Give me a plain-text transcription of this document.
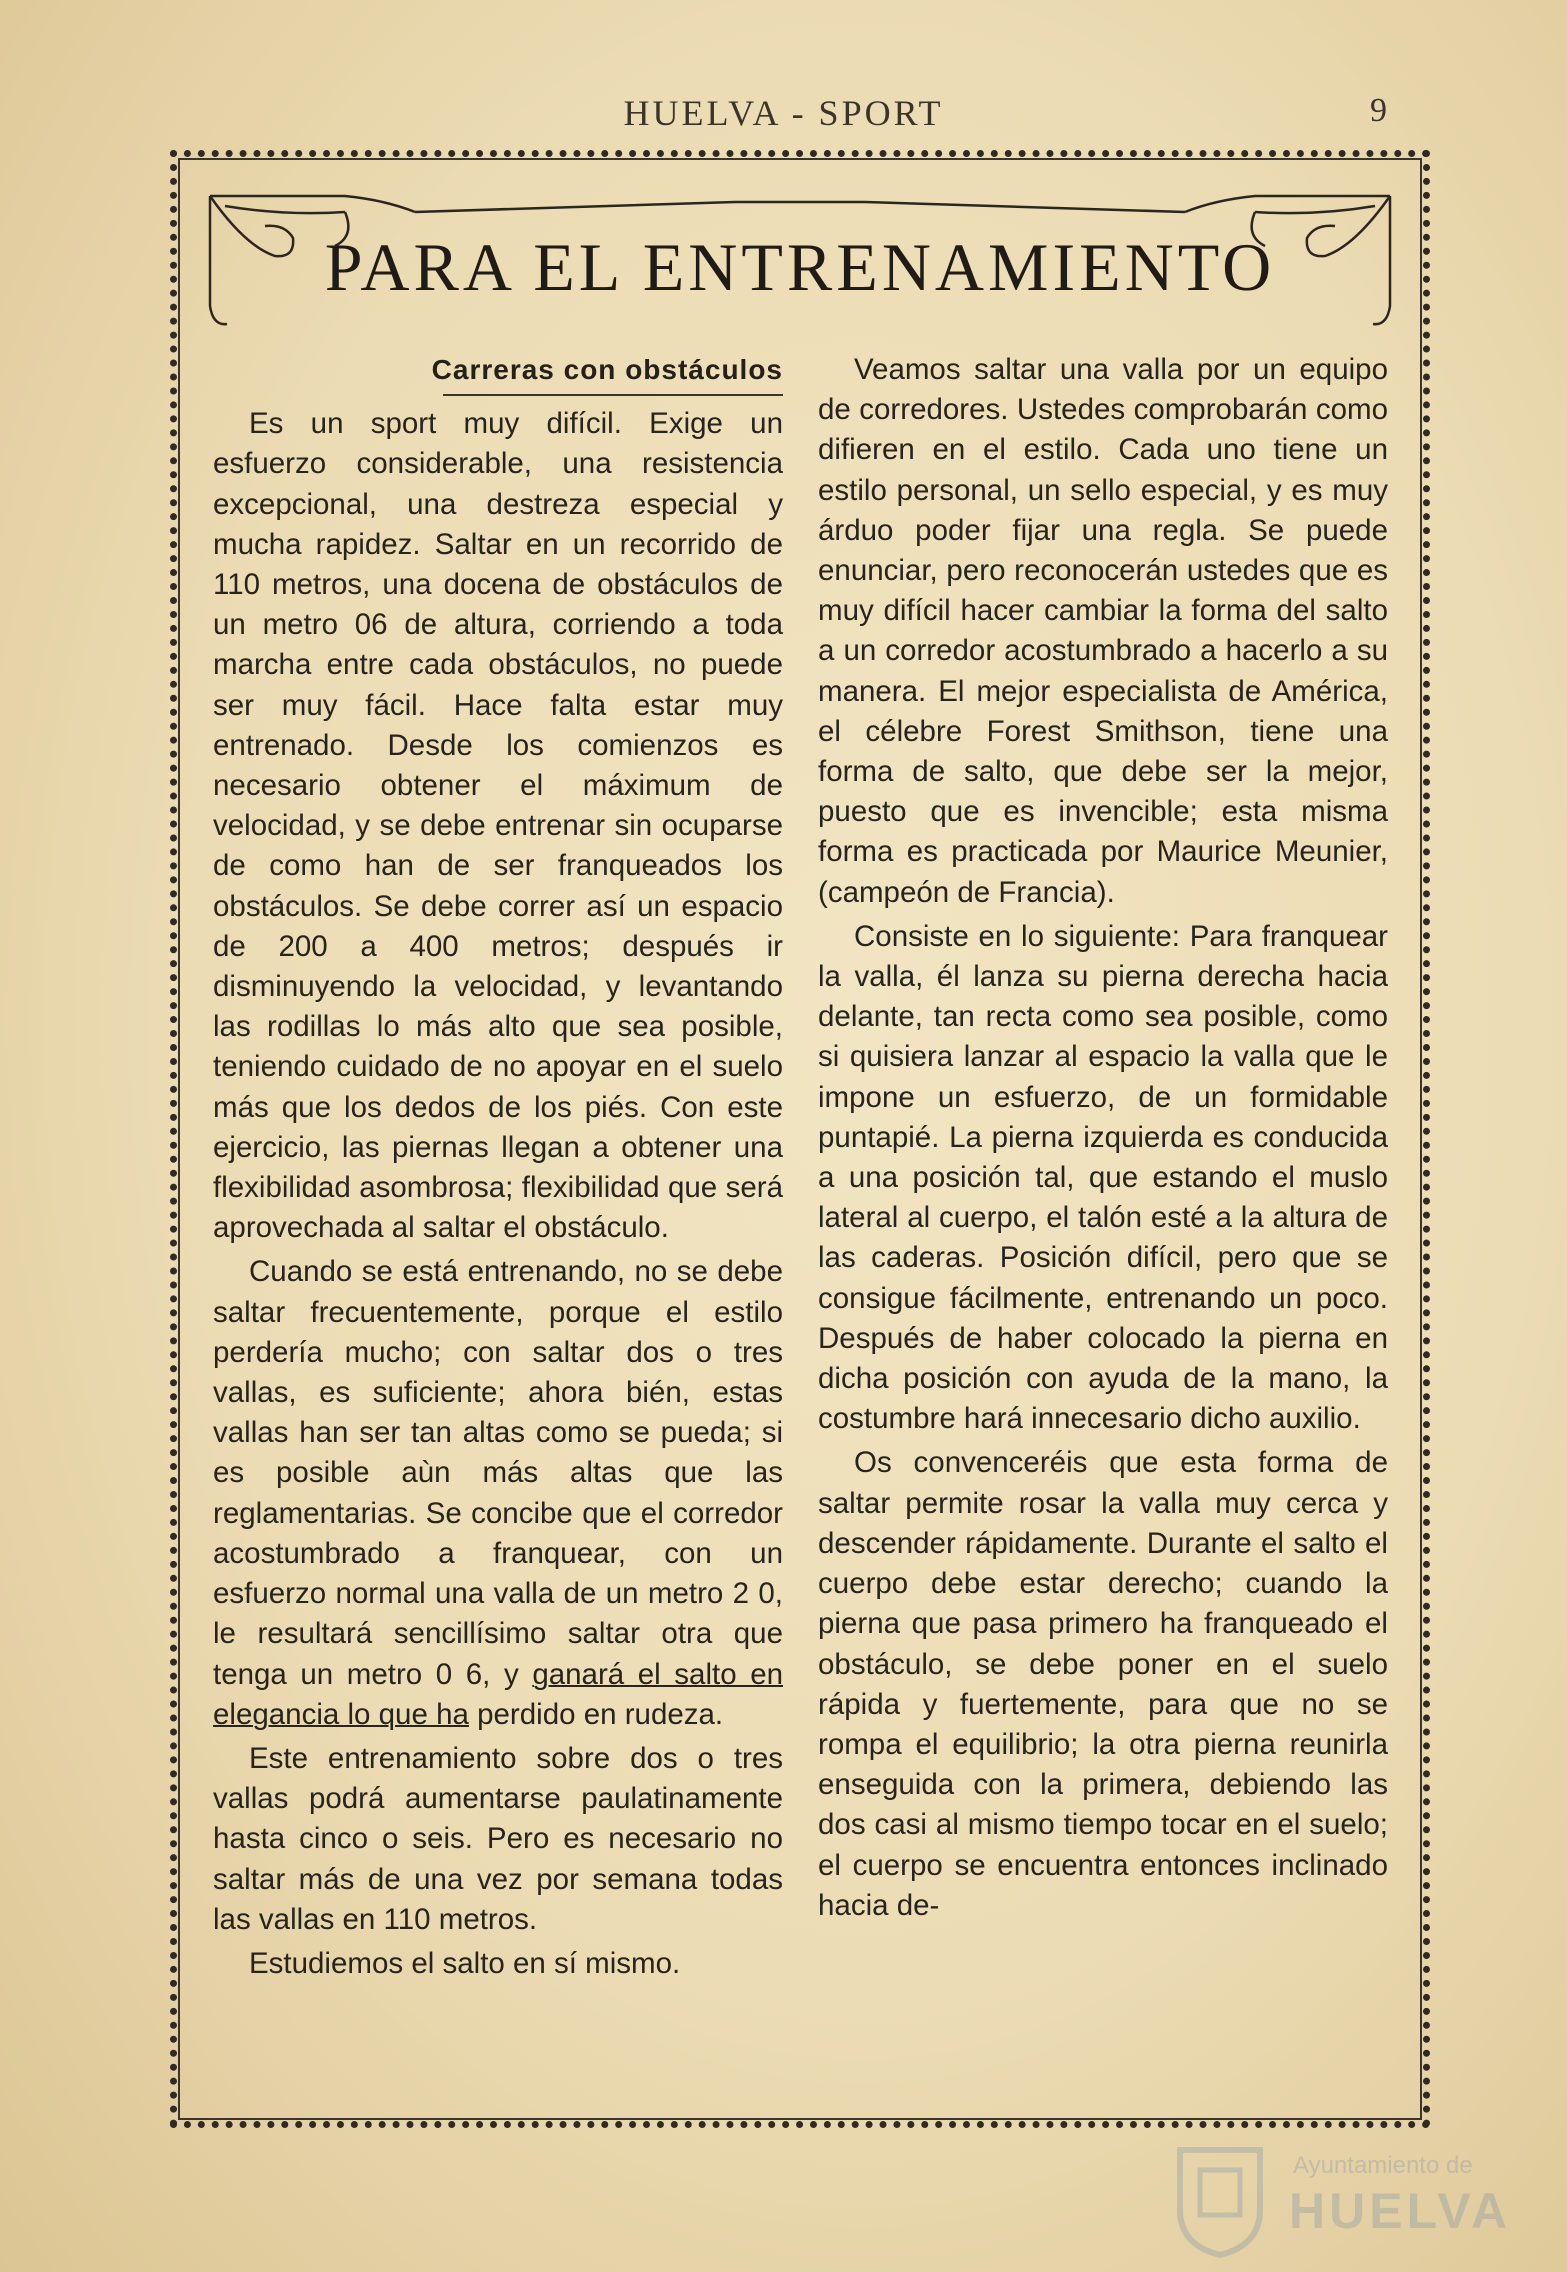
HUELVA - SPORT	9
PARA EL ENTRENAMIENTO
Carreras con obstáculos

Es un sport muy difícil. Exige un esfuerzo considerable, una resistencia excepcional, una destreza especial y mucha rapidez. Saltar en un recorrido de 110 metros, una docena de obstáculos de un metro 06 de altura, corriendo a toda marcha entre cada obstáculos, no puede ser muy fácil. Hace falta estar muy entrenado. Desde los comienzos es necesario obtener el máximum de velocidad, y se debe entrenar sin ocuparse de como han de ser franqueados los obstáculos. Se debe correr así un espacio de 200 a 400 metros; después ir disminuyendo la velocidad, y levantando las rodillas lo más alto que sea posible, teniendo cuidado de no apoyar en el suelo más que los dedos de los piés. Con este ejercicio, las piernas llegan a obtener una flexibilidad asombrosa; flexibilidad que será aprovechada al saltar el obstáculo.

Cuando se está entrenando, no se debe saltar frecuentemente, porque el estilo perdería mucho; con saltar dos o tres vallas, es suficiente; ahora bién, estas vallas han ser tan altas como se pueda; si es posible aùn más altas que las reglamentarias. Se concibe que el corredor acostumbrado a franquear, con un esfuerzo normal una valla de un metro 2 0, le resultará sencillísimo saltar otra que tenga un metro 0 6, y ganará el salto en elegancia lo que ha perdido en rudeza.

Este entrenamiento sobre dos o tres vallas podrá aumentarse paulatinamente hasta cinco o seis. Pero es necesario no saltar más de una vez por semana todas las vallas en 110 metros.

Estudiemos el salto en sí mismo.

Veamos saltar una valla por un equipo de corredores. Ustedes comprobarán como difieren en el estilo. Cada uno tiene un estilo personal, un sello especial, y es muy árduo poder fijar una regla. Se puede enunciar, pero reconocerán ustedes que es muy difícil hacer cambiar la forma del salto a un corredor acostumbrado a hacerlo a su manera. El mejor especialista de América, el célebre Forest Smithson, tiene una forma de salto, que debe ser la mejor, puesto que es invencible; esta misma forma es practicada por Maurice Meunier, (campeón de Francia).

Consiste en lo siguiente: Para franquear la valla, él lanza su pierna derecha hacia delante, tan recta como sea posible, como si quisiera lanzar al espacio la valla que le impone un esfuerzo, de un formidable puntapié. La pierna izquierda es conducida a una posición tal, que estando el muslo lateral al cuerpo, el talón esté a la altura de las caderas. Posición difícil, pero que se consigue fácilmente, entrenando un poco. Después de haber colocado la pierna en dicha posición con ayuda de la mano, la costumbre hará innecesario dicho auxilio.

Os convenceréis que esta forma de saltar permite rosar la valla muy cerca y descender rápidamente. Durante el salto el cuerpo debe estar derecho; cuando la pierna que pasa primero ha franqueado el obstáculo, se debe poner en el suelo rápida y fuertemente, para que no se rompa el equilibrio; la otra pierna reunirla enseguida con la primera, debiendo las dos casi al mismo tiempo tocar en el suelo; el cuerpo se encuentra entonces inclinado hacia de-

Ayuntamiento de
HUELVA
